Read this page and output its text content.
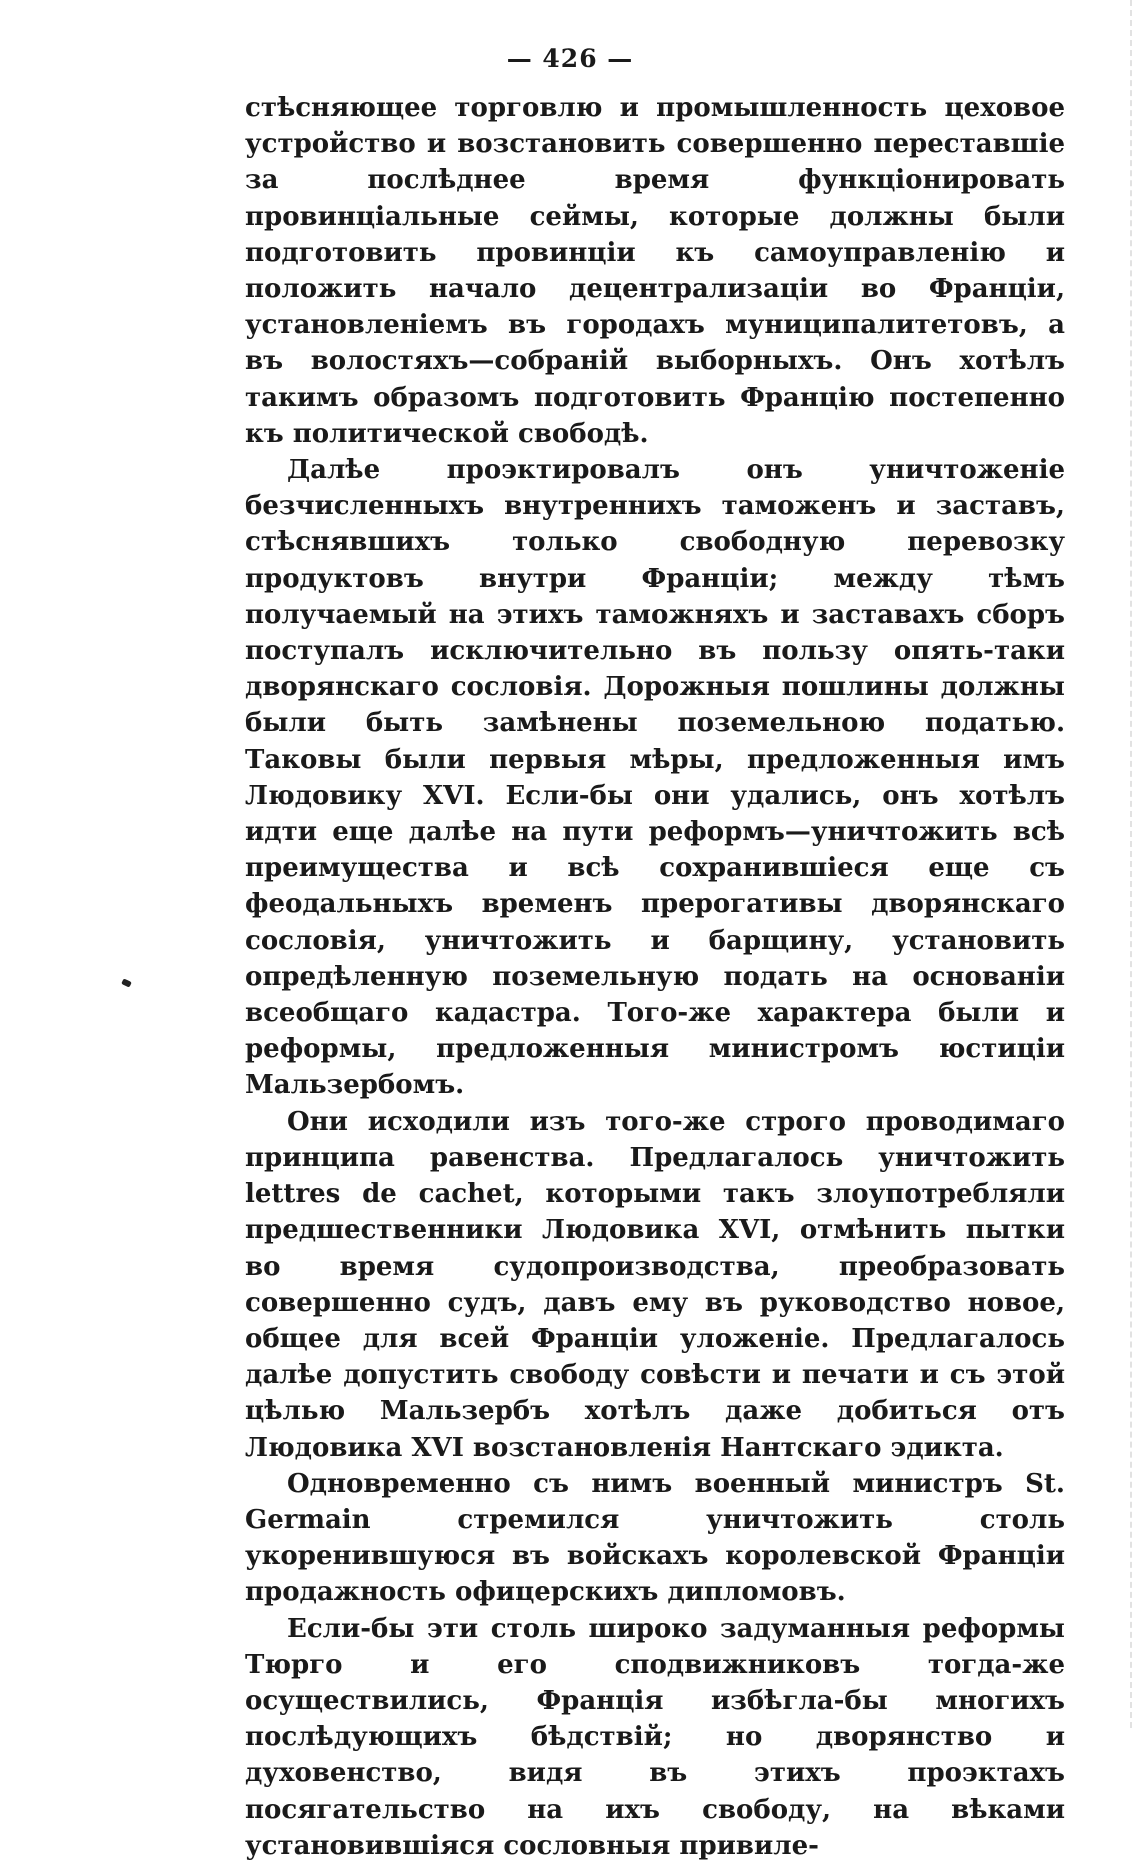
— 426 —

стѣсняющее торговлю и промышленность цеховое устройство и возстановить совершенно переставшіе за послѣднее время функціонировать провинціальные сеймы, которые должны были подготовить провинціи къ самоуправленію и положить начало децентрализаціи во Франціи, установленіемъ въ городахъ муниципалитетовъ, а въ волостяхъ—собраній выборныхъ. Онъ хотѣлъ такимъ образомъ подготовить Францію постепенно къ политической свободѣ.

Далѣе проэктировалъ онъ уничтоженіе безчисленныхъ внутреннихъ таможенъ и заставъ, стѣснявшихъ только свободную перевозку продуктовъ внутри Франціи; между тѣмъ получаемый на этихъ таможняхъ и заставахъ сборъ поступалъ исключительно въ пользу опять-таки дворянскаго сословія. Дорожныя пошлины должны были быть замѣнены поземельною податью. Таковы были первыя мѣры, предложенныя имъ Людовику XVI. Если-бы они удались, онъ хотѣлъ идти еще далѣе на пути реформъ—уничтожить всѣ преимущества и всѣ сохранившіеся еще съ феодальныхъ временъ прерогативы дворянскаго сословія, уничтожить и барщину, установить опредѣленную поземельную подать на основаніи всеобщаго кадастра. Того-же характера были и реформы, предложенныя министромъ юстиціи Мальзербомъ.

Они исходили изъ того-же строго проводимаго принципа равенства. Предлагалось уничтожить lettres de cachet, которыми такъ злоупотребляли предшественники Людовика XVI, отмѣнить пытки во время судопроизводства, преобразовать совершенно судъ, давъ ему въ руководство новое, общее для всей Франціи уложеніе. Предлагалось далѣе допустить свободу совѣсти и печати и съ этой цѣлью Мальзербъ хотѣлъ даже добиться отъ Людовика XVI возстановленія Нантскаго эдикта.

Одновременно съ нимъ военный министръ St. Germain стремился уничтожить столь укоренившуюся въ войскахъ королевской Франціи продажность офицерскихъ дипломовъ.

Если-бы эти столь широко задуманныя реформы Тюрго и его сподвижниковъ тогда-же осуществились, Франція избѣгла-бы многихъ послѣдующихъ бѣдствій; но дворянство и духовенство, видя въ этихъ проэктахъ посягательство на ихъ свободу, на вѣками установившіяся сословныя привиле-
